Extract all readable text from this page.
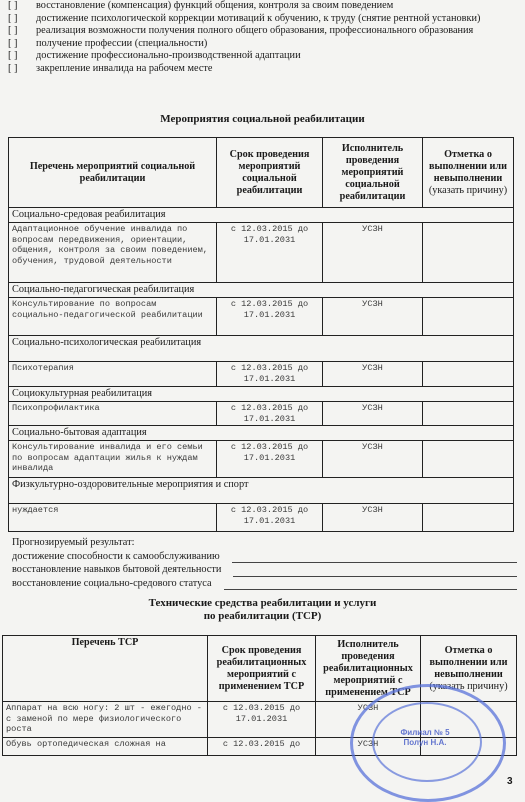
[ ]	восстановление (компенсация) функций общения, контроля за своим поведением
[ ]	достижение психологической коррекции мотиваций к обучению, к труду (снятие рентной установки)
[ ]	реализация возможности получения полного общего образования, профессионального образования
[ ]	получение профессии (специальности)
[ ]	достижение профессионально-производственной адаптации
[ ]	закрепление инвалида на рабочем месте
Мероприятия социальной реабилитации
Перечень мероприятий социальной реабилитации	Срок проведения мероприятий социальной реабилитации	Исполнитель проведения мероприятий социальной реабилитации	Отметка о выполнении или невыполнении
(указать причину)
Социально-средовая реабилитация			
Адаптационное обучение инвалида по вопросам передвижения, ориентации, общения, контроля за своим поведением, обучения, трудовой деятельности	с 12.03.2015 до 17.01.2031	УСЗН	
Социально-педагогическая реабилитация			
Консультирование по вопросам социально-педагогической реабилитации	с 12.03.2015 до 17.01.2031	УСЗН	
Социально-психологическая реабилитация			
Психотерапия	с 12.03.2015 до 17.01.2031	УСЗН	
Социокультурная реабилитация			
Психопрофилактика	с 12.03.2015 до 17.01.2031	УСЗН	
Социально-бытовая адаптация			
Консультирование инвалида и его семьи по вопросам адаптации жилья к нуждам инвалида	с 12.03.2015 до 17.01.2031	УСЗН	
Физкультурно-оздоровительные мероприятия и спорт			
нуждается	с 12.03.2015 до 17.01.2031	УСЗН	
Прогнозируемый результат:
достижение способности к самообслуживанию
восстановление навыков бытовой деятельности
восстановление социально-средового статуса
Технические средства реабилитации и услуги
по реабилитации (ТСР)
Перечень ТСР	Срок проведения реабилитационных мероприятий с применением ТСР	Исполнитель проведения реабилитационных мероприятий с применением ТСР	Отметка о выполнении или невыполнении
(указать причину)
Аппарат на всю ногу: 2 шт - ежегодно - с заменой по мере физиологического роста	с 12.03.2015 до 17.01.2031	УСЗН	
Обувь ортопедическая сложная на	с 12.03.2015 до	УСЗН	
Филиал № 5
Полун Н.А.
3
